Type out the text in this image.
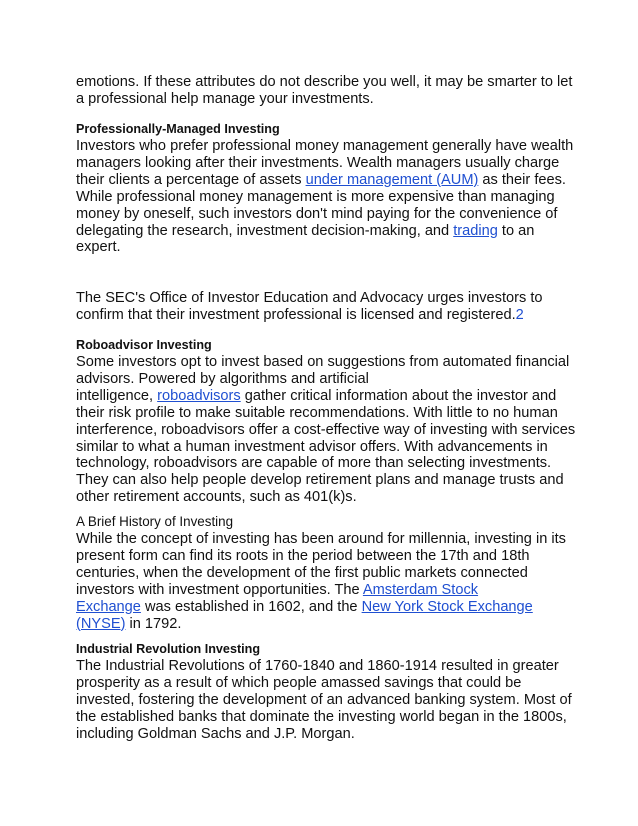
emotions. If these attributes do not describe you well, it may be smarter to let
a professional help manage your investments.

Professionally-Managed Investing

Investors who prefer professional money management generally have wealth
managers looking after their investments. Wealth managers usually charge
their clients a percentage of assets under management (AUM) as their fees.
While professional money management is more expensive than managing
money by oneself, such investors don't mind paying for the convenience of
delegating the research, investment decision-making, and trading to an
expert.

The SEC's Office of Investor Education and Advocacy urges investors to
confirm that their investment professional is licensed and registered.2

Roboadvisor Investing

Some investors opt to invest based on suggestions from automated financial
advisors. Powered by algorithms and artificial
intelligence, roboadvisors gather critical information about the investor and
their risk profile to make suitable recommendations. With little to no human
interference, roboadvisors offer a cost-effective way of investing with services
similar to what a human investment advisor offers. With advancements in
technology, roboadvisors are capable of more than selecting investments.
They can also help people develop retirement plans and manage trusts and
other retirement accounts, such as 401(k)s.

A Brief History of Investing

While the concept of investing has been around for millennia, investing in its
present form can find its roots in the period between the 17th and 18th
centuries, when the development of the first public markets connected
investors with investment opportunities. The Amsterdam Stock
Exchange was established in 1602, and the New York Stock Exchange
(NYSE) in 1792.

Industrial Revolution Investing

The Industrial Revolutions of 1760-1840 and 1860-1914 resulted in greater
prosperity as a result of which people amassed savings that could be
invested, fostering the development of an advanced banking system. Most of
the established banks that dominate the investing world began in the 1800s,
including Goldman Sachs and J.P. Morgan.
